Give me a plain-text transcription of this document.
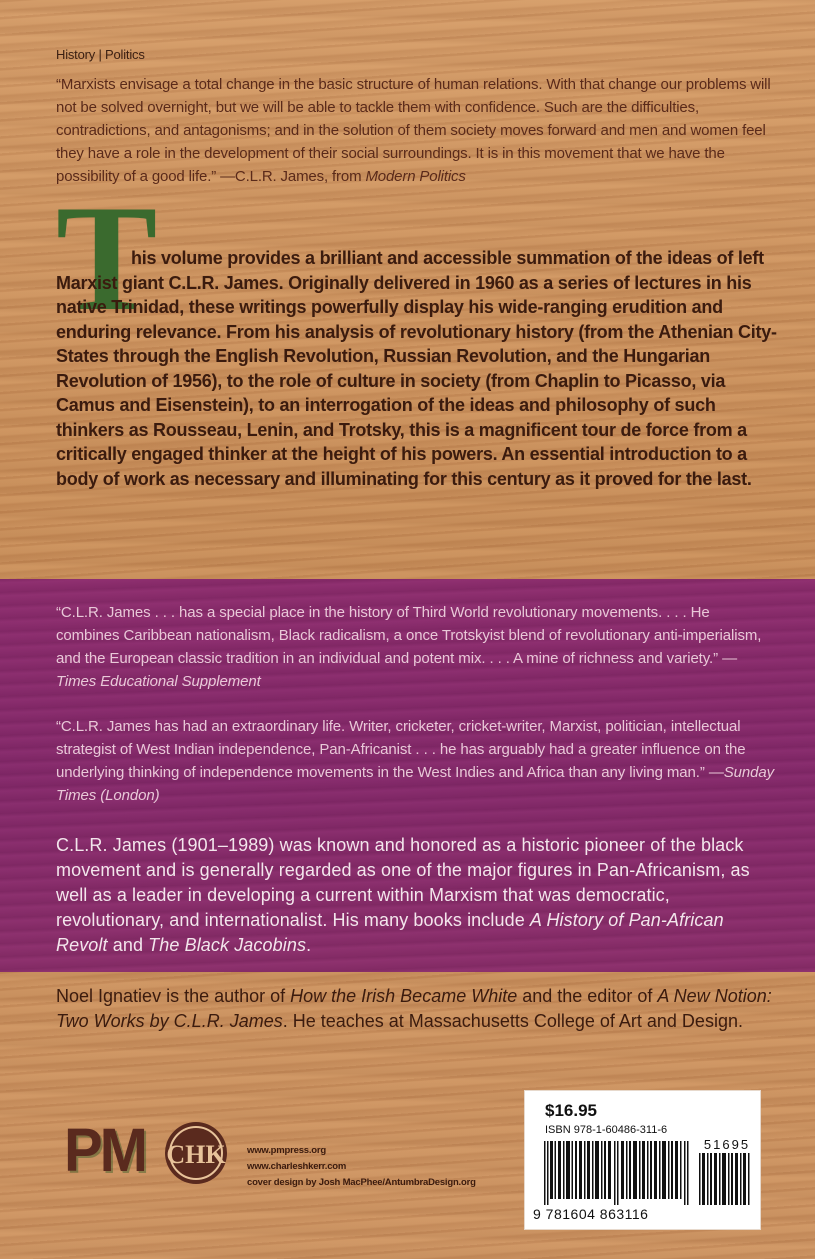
History | Politics
“Marxists envisage a total change in the basic structure of human relations. With that change our problems will not be solved overnight, but we will be able to tackle them with confidence. Such are the difficulties, contradictions, and antagonisms; and in the solution of them society moves forward and men and women feel they have a role in the development of their social surroundings. It is in this movement that we have the possibility of a good life.” —C.L.R. James, from Modern Politics
T
his volume provides a brilliant and accessible summation of the ideas of left Marxist giant C.L.R. James. Originally delivered in 1960 as a series of lectures in his native Trinidad, these writings powerfully display his wide-ranging erudition and enduring relevance. From his analysis of revolutionary history (from the Athenian City-States through the English Revolution, Russian Revolution, and the Hungarian Revolution of 1956), to the role of culture in society (from Chaplin to Picasso, via Camus and Eisenstein), to an interrogation of the ideas and philosophy of such thinkers as Rousseau, Lenin, and Trotsky, this is a magnificent tour de force from a critically engaged thinker at the height of his powers. An essential introduction to a body of work as necessary and illuminating for this century as it proved for the last.
“C.L.R. James . . . has a special place in the history of Third World revolutionary movements. . . . He combines Caribbean nationalism, Black radicalism, a once Trotskyist blend of revolutionary anti-imperialism, and the European classic tradition in an individual and potent mix. . . . A mine of richness and variety.” —Times Educational Supplement
“C.L.R. James has had an extraordinary life. Writer, cricketer, cricket-writer, Marxist, politician, intellectual strategist of West Indian independence, Pan-Africanist . . . he has arguably had a greater influence on the underlying thinking of independence movements in the West Indies and Africa than any living man.” —Sunday Times (London)
C.L.R. James (1901–1989) was known and honored as a historic pioneer of the black movement and is generally regarded as one of the major figures in Pan-Africanism, as well as a leader in developing a current within Marxism that was democratic, revolutionary, and internationalist. His many books include A History of Pan-African Revolt and The Black Jacobins.
Noel Ignatiev is the author of How the Irish Became White and the editor of A New Notion: Two Works by C.L.R. James. He teaches at Massachusetts College of Art and Design.
PM CHK www.pmpress.org
www.charleshkerr.com
cover design by Josh MacPhee/AntumbraDesign.org
$16.95
ISBN 978-1-60486-311-6
51695
9 781604 863116
